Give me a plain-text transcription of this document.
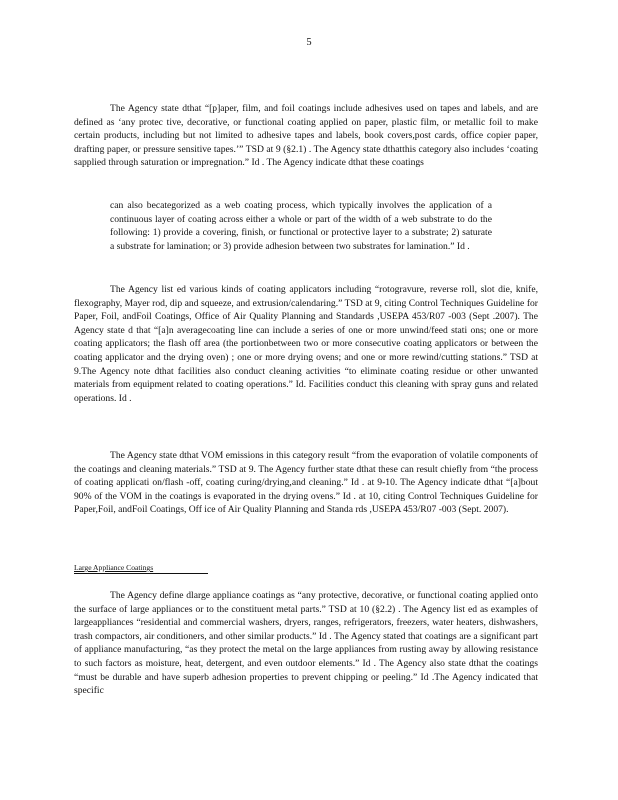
5

The Agency state dthat “[p]aper, film, and foil coatings include adhesives used on tapes and labels, and are defined as ‘any protec tive, decorative, or functional coating applied on paper, plastic film, or metallic foil to make certain products, including but not limited to adhesive tapes and labels, book covers,post cards, office copier paper, drafting paper, or pressure sensitive tapes.’” TSD at 9 (§2.1) . The Agency state dthatthis category also includes ‘coating sapplied through saturation or impregnation.” Id . The Agency indicate dthat these coatings

can also becategorized as a web coating process, which typically involves the application of a continuous layer of coating across either a whole or part of the width of a web substrate to do the following: 1) provide a covering, finish, or functional or protective layer to a substrate; 2) saturate a substrate for lamination; or 3) provide adhesion between two substrates for lamination.” Id .

The Agency list ed various kinds of coating applicators including “rotogravure, reverse roll, slot die, knife, flexography, Mayer rod, dip and squeeze, and extrusion/calendaring.” TSD at 9, citing Control Techniques Guideline for Paper, Foil, andFoil Coatings, Office of Air Quality Planning and Standards ,USEPA 453/R07 -003 (Sept .2007). The Agency state d that “[a]n averagecoating line can include a series of one or more unwind/feed stati ons; one or more coating applicators; the flash off area (the portionbetween two or more consecutive coating applicators or between the coating applicator and the drying oven) ; one or more drying ovens; and one or more rewind/cutting stations.” TSD at 9.The Agency note dthat facilities also conduct cleaning activities “to eliminate coating residue or other unwanted materials from equipment related to coating operations.” Id. Facilities conduct this cleaning with spray guns and related operations. Id .

The Agency state dthat VOM emissions in this category result “from the evaporation of volatile components of the coatings and cleaning materials.” TSD at 9. The Agency further state dthat these can result chiefly from “the process of coating applicati on/flash -off, coating curing/drying,and cleaning.” Id . at 9-10. The Agency indicate dthat “[a]bout 90% of the VOM in the coatings is evaporated in the drying ovens.” Id . at 10, citing Control Techniques Guideline for Paper,Foil, andFoil Coatings, Off ice of Air Quality Planning and Standa rds ,USEPA 453/R07 -003 (Sept. 2007).

Large Appliance Coatings

The Agency define dlarge appliance coatings as “any protective, decorative, or functional coating applied onto the surface of large appliances or to the constituent metal parts.” TSD at 10 (§2.2) . The Agency list ed as examples of largeappliances “residential and commercial washers, dryers, ranges, refrigerators, freezers, water heaters, dishwashers, trash compactors, air conditioners, and other similar products.” Id . The Agency stated that coatings are a significant part of appliance manufacturing, “as they protect the metal on the large appliances from rusting away by allowing resistance to such factors as moisture, heat, detergent, and even outdoor elements.” Id . The Agency also state dthat the coatings “must be durable and have superb adhesion properties to prevent chipping or peeling.” Id .The Agency indicated that specific
